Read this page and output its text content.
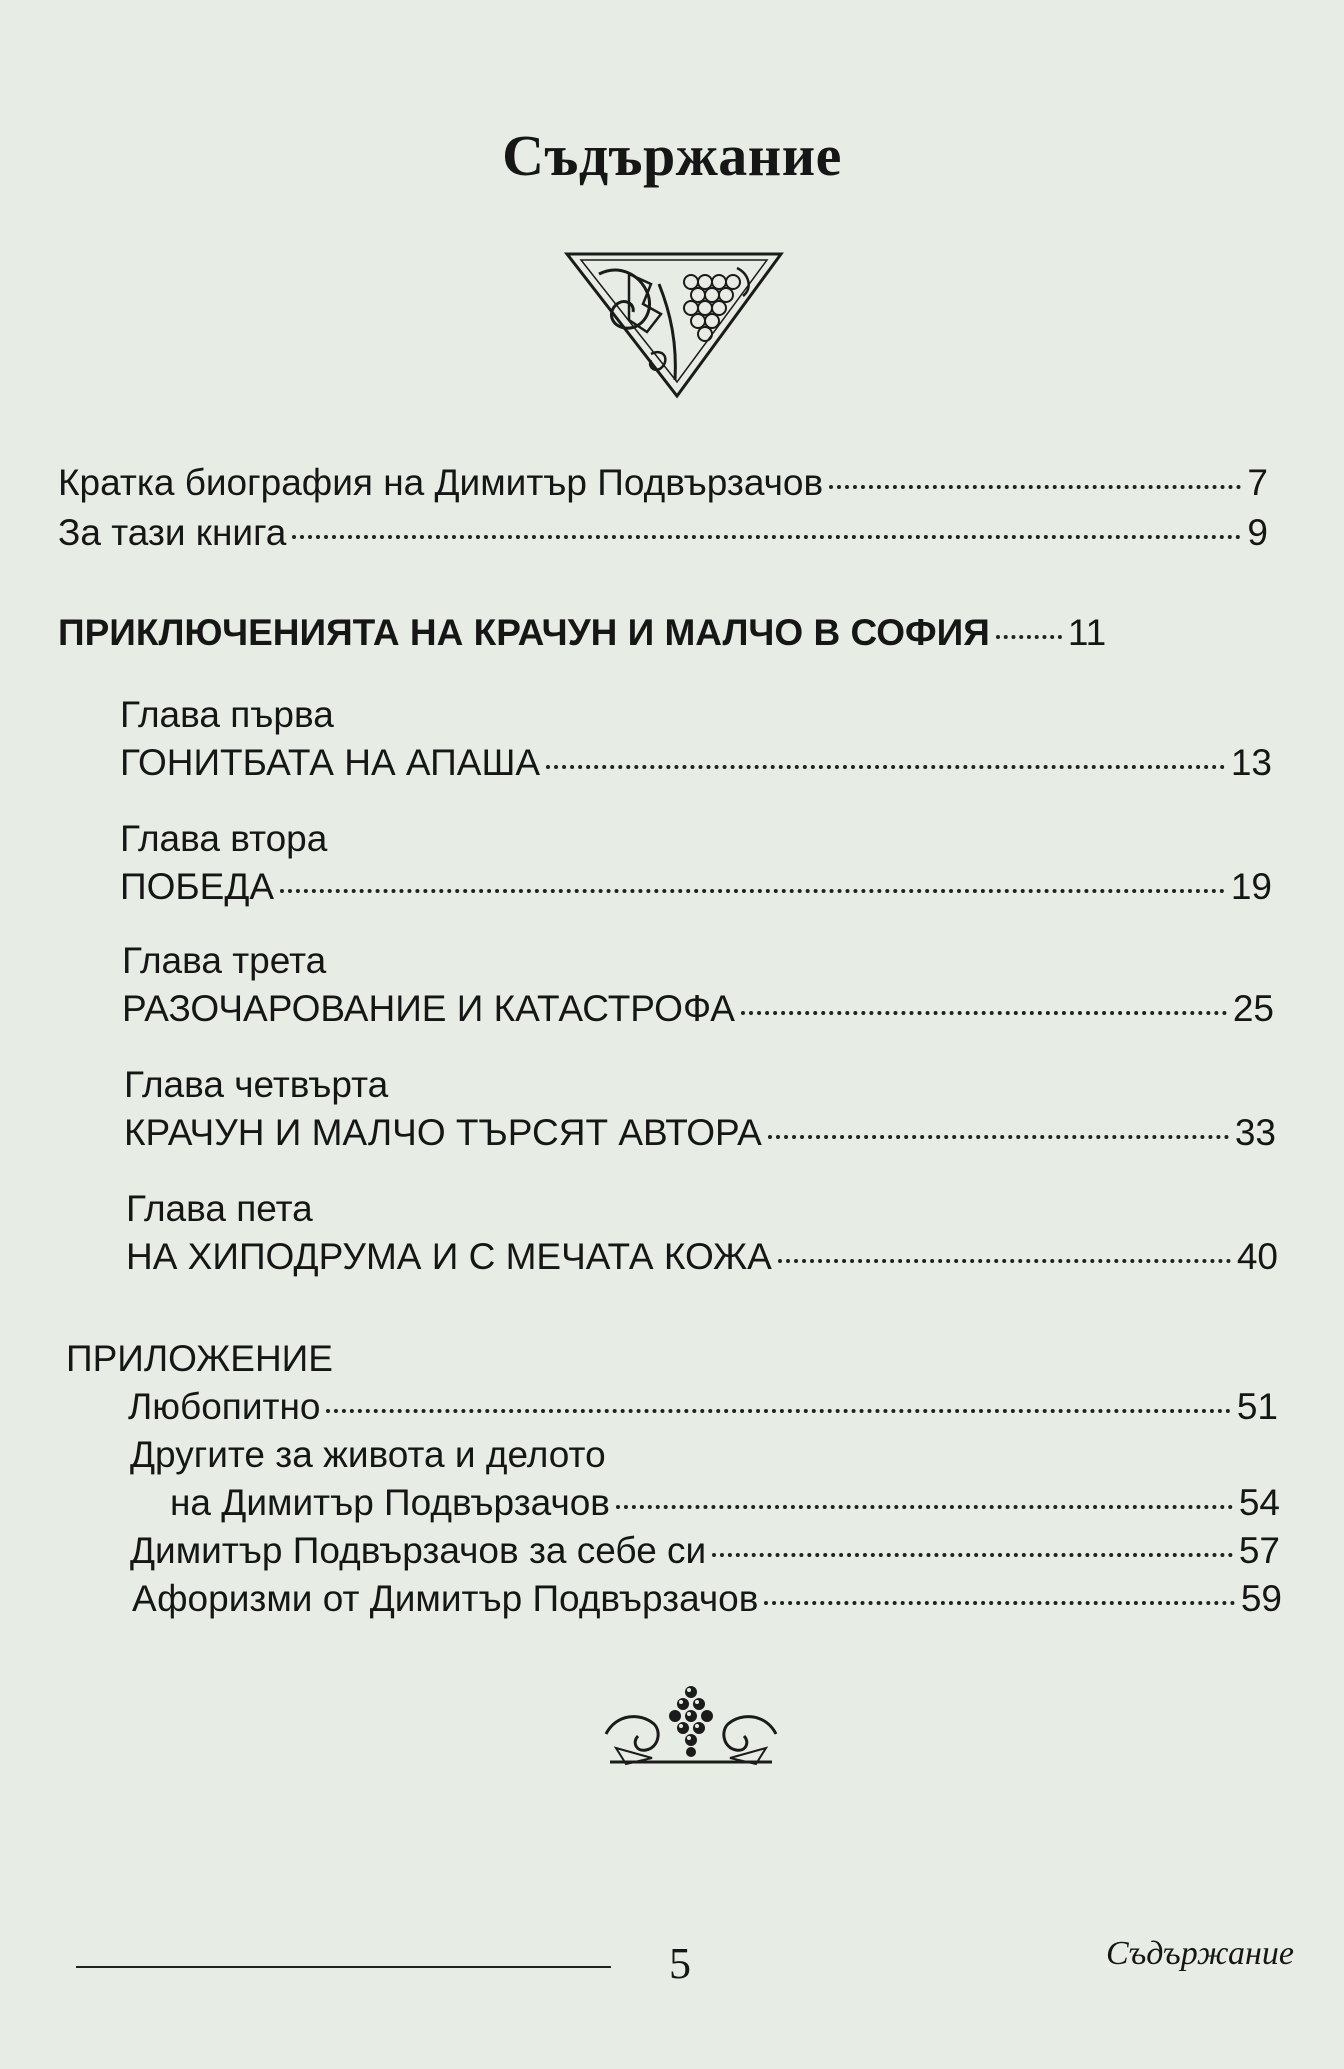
Съдържание
Кратка биография на Димитър Подвързачов	7
За тази книга	9
ПРИКЛЮЧЕНИЯТА НА КРАЧУН И МАЛЧО В СОФИЯ 11
Глава първа
ГОНИТБАТА НА АПАША	13
Глава втора
ПОБЕДА	19
Глава трета
РАЗОЧАРОВАНИЕ И КАТАСТРОФА	25
Глава четвърта
КРАЧУН И МАЛЧО ТЪРСЯТ АВТОРА	33
Глава пета
НА ХИПОДРУМА И С МЕЧАТА КОЖА	40
ПРИЛОЖЕНИЕ
Любопитно	51
Другите за живота и делото
на Димитър Подвързачов	54
Димитър Подвързачов за себе си	57
Афоризми от Димитър Подвързачов	59
5	Съдържание
